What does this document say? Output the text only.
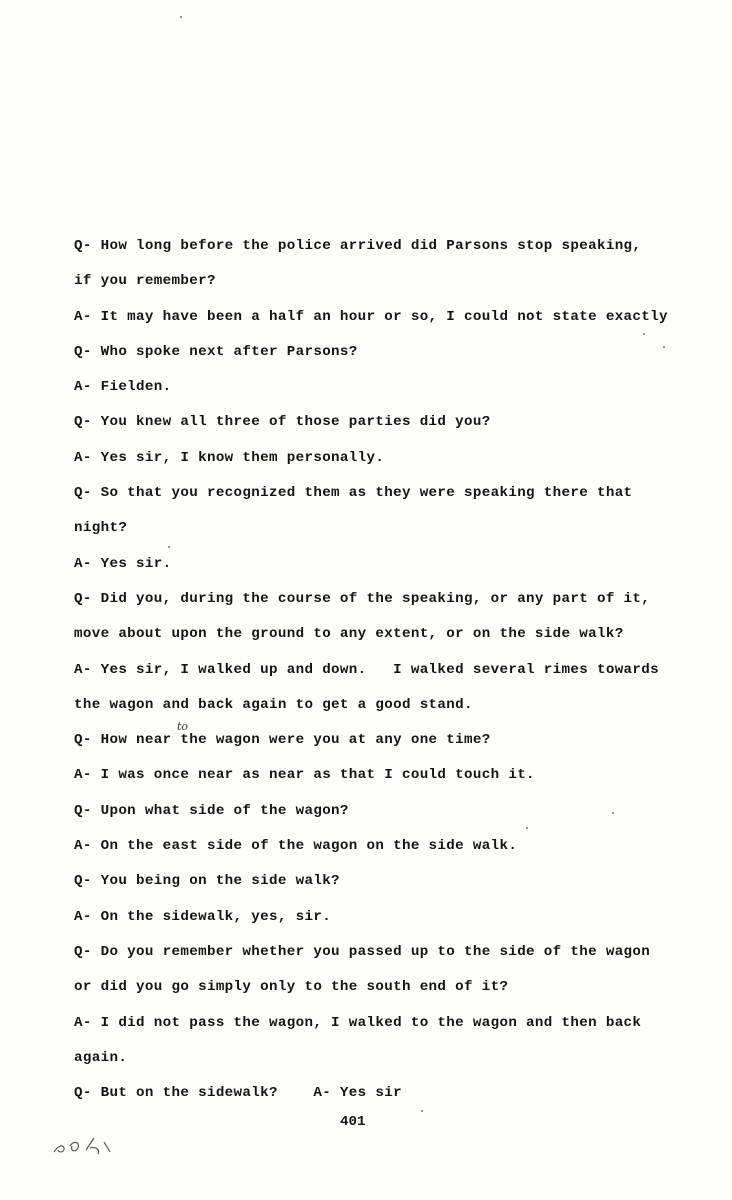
Q- How long before the police arrived did Parsons stop speaking,
if you remember?
A- It may have been a half an hour or so, I could not state exactly
Q- Who spoke next after Parsons?
A- Fielden.
Q- You knew all three of those parties did you?
A- Yes sir, I know them personally.
Q- So that you recognized them as they were speaking there that
night?
A- Yes sir.
Q- Did you, during the course of the speaking, or any part of it,
move about upon the ground to any extent, or on the side walk?
A- Yes sir, I walked up and down.   I walked several rimes towards
the wagon and back again to get a good stand.
Q- How near the wagon were you at any one time?
A- I was once near as near as that I could touch it.
Q- Upon what side of the wagon?
A- On the east side of the wagon on the side walk.
Q- You being on the side walk?
A- On the sidewalk, yes, sir.
Q- Do you remember whether you passed up to the side of the wagon
or did you go simply only to the south end of it?
A- I did not pass the wagon, I walked to the wagon and then back
again.
Q- But on the sidewalk?    A- Yes sir
to
401
